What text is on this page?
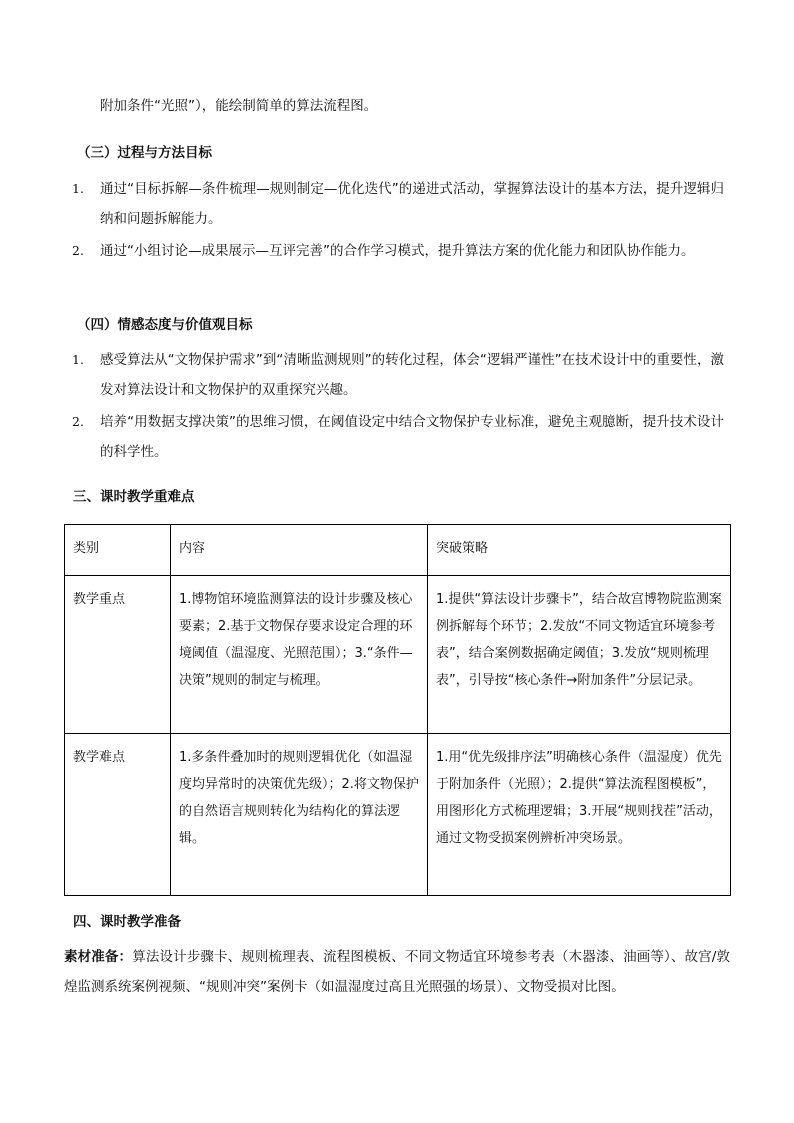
附加条件“光照”），能绘制简单的算法流程图。
（三）过程与方法目标
1. 通过“目标拆解—条件梳理—规则制定—优化迭代”的递进式活动，掌握算法设计的基本方法，提升逻辑归纳和问题拆解能力。
2. 通过“小组讨论—成果展示—互评完善”的合作学习模式，提升算法方案的优化能力和团队协作能力。
（四）情感态度与价值观目标
1. 感受算法从“文物保护需求”到“清晰监测规则”的转化过程，体会“逻辑严谨性”在技术设计中的重要性，激发对算法设计和文物保护的双重探究兴趣。
2. 培养“用数据支撑决策”的思维习惯，在阈值设定中结合文物保护专业标准，避免主观臆断，提升技术设计的科学性。
三、课时教学重难点
类别	内容	突破策略
教学重点	1.博物馆环境监测算法的设计步骤及核心要素；2.基于文物保存要求设定合理的环境阈值（温湿度、光照范围）；3.“条件—决策”规则的制定与梳理。	1.提供“算法设计步骤卡”，结合故宫博物院监测案例拆解每个环节；2.发放“不同文物适宜环境参考表”，结合案例数据确定阈值；3.发放“规则梳理表”，引导按“核心条件→附加条件”分层记录。
教学难点	1.多条件叠加时的规则逻辑优化（如温湿度均异常时的决策优先级）；2.将文物保护的自然语言规则转化为结构化的算法逻辑。	1.用“优先级排序法”明确核心条件（温湿度）优先于附加条件（光照）；2.提供“算法流程图模板”，用图形化方式梳理逻辑；3.开展“规则找茬”活动，通过文物受损案例辨析冲突场景。
四、课时教学准备
素材准备：算法设计步骤卡、规则梳理表、流程图模板、不同文物适宜环境参考表（木器漆、油画等）、故宫/敦煌监测系统案例视频、“规则冲突”案例卡（如温湿度过高且光照强的场景）、文物受损对比图。
